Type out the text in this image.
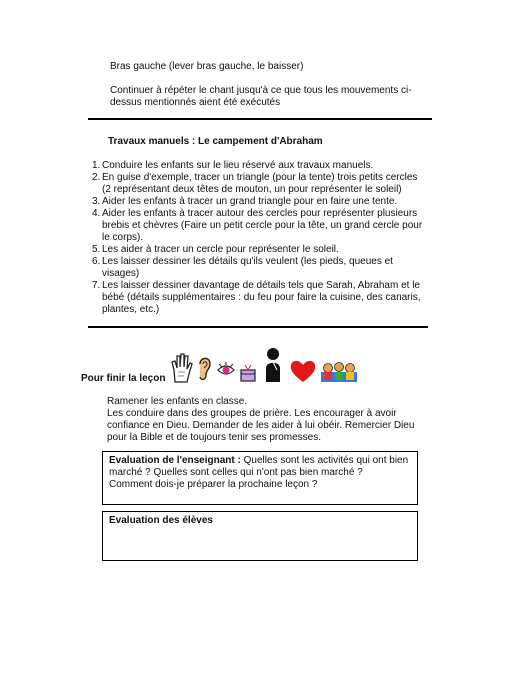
Bras gauche (lever bras gauche, le baisser)

Continuer à répéter le chant jusqu'à ce que tous les mouvements ci-

dessus mentionnés aient été exécutés

Travaux manuels : Le campement d'Abraham

1. Conduire les enfants sur le lieu réservé aux travaux manuels.
2. En guise d'exemple, tracer un triangle (pour la tente) trois petits cercles
(2 représentant deux têtes de mouton, un pour représenter le soleil)
3. Aider les enfants à tracer un grand triangle pour en faire une tente.
4. Aider les enfants à tracer autour des cercles pour représenter plusieurs
brebis et chèvres (Faire un petit cercle pour la tête, un grand cercle pour
le corps).
5. Les aider à tracer un cercle pour représenter le soleil.
6. Les laisser dessiner les détails qu'ils veulent (les pieds, queues et
visages)
7. Les laisser dessiner davantage de détails tels que Sarah, Abraham et le
bébé (détails supplémentaires : du feu pour faire la cuisine, des canaris,
plantes, etc.)
Pour finir la leçon

Ramener les enfants en classe.

Les conduire dans des groupes de prière. Les encourager à avoir

confiance en Dieu. Demander de les aider à lui obéir. Remercier Dieu

pour la Bible et de toujours tenir ses promesses.

Evaluation de l'enseignant : Quelles sont les activités qui ont bien

marché ? Quelles sont celles qui n'ont pas bien marché ?

Comment dois-je préparer la prochaine leçon ?

Evaluation des élèves
